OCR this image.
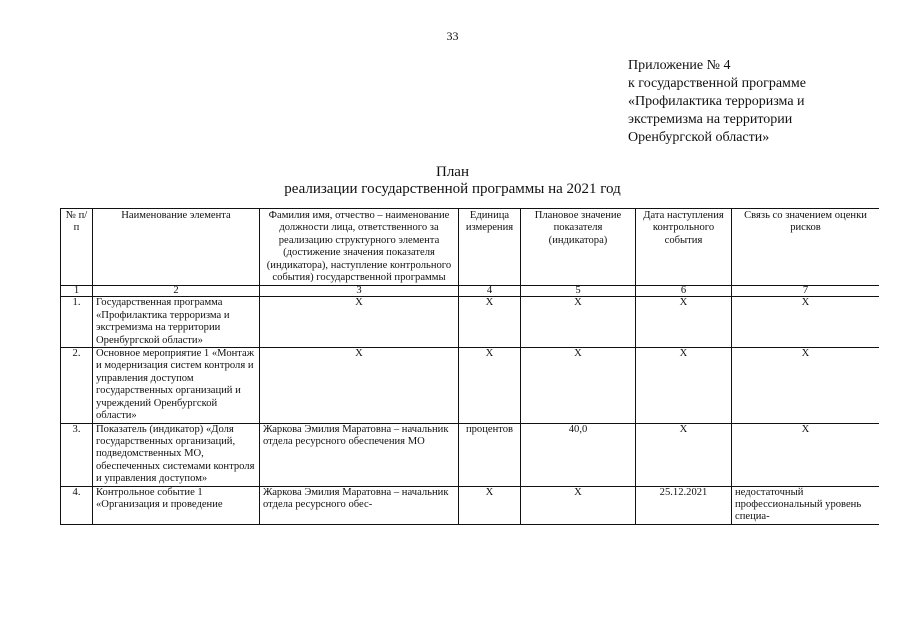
33
Приложение № 4
к государственной программе
«Профилактика терроризма и
экстремизма на территории
Оренбургской области»
План
реализации государственной программы на 2021 год
№ п/п	Наименование элемента	Фамилия имя, отчество – наименование должности лица, ответственного за реализацию структурного элемента (достижение значения показателя (индикатора), наступление контрольного события) государственной программы	Единица измерения	Плановое значение показателя (индикатора)	Дата наступления контрольного события	Связь со значением оценки рисков
1	2	3	4	5	6	7
1.	Государственная программа «Профилактика терроризма и экстремизма на территории Оренбургской области»	Х	Х	Х	Х	Х
2.	Основное мероприятие 1 «Монтаж и модернизация систем контроля и управления доступом государственных организаций и учреждений Оренбургской области»	Х	Х	Х	Х	Х
3.	Показатель (индикатор) «Доля государственных организаций, подведомственных МО, обеспеченных системами контроля и управления доступом»	Жаркова Эмилия Маратовна – начальник отдела ресурсного обеспечения МО	процентов	40,0	Х	Х
4.	Контрольное событие 1 «Организация и проведение	Жаркова Эмилия Маратовна – начальник отдела ресурсного обес-	Х	Х	25.12.2021	недостаточный профессиональный уровень специа-
